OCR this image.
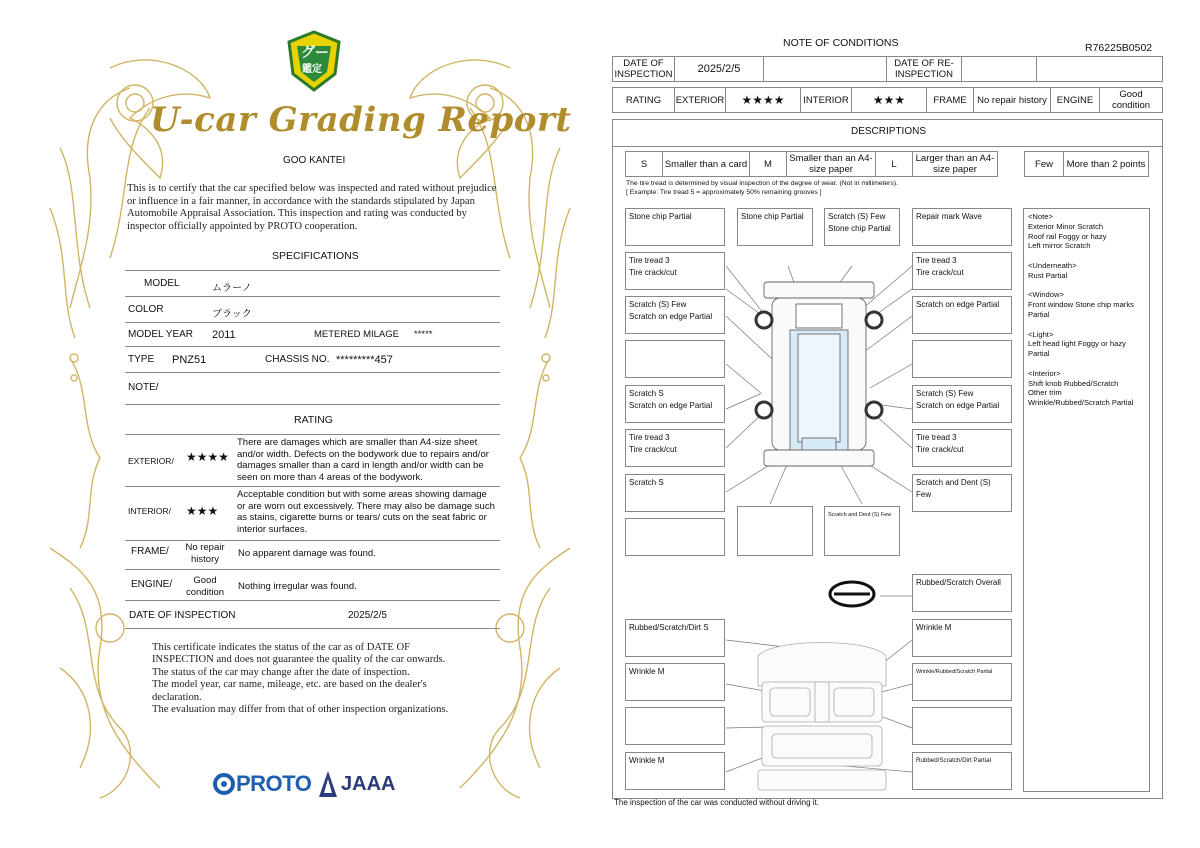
グー
鑑定
U-car Grading Report
GOO KANTEI
This is to certify that the car specified below was inspected and rated without prejudice or influence in a fair manner, in accordance with the standards stipulated by Japan Automobile Appraisal Association. This inspection and rating was conducted by inspector officially appointed by PROTO cooperation.
SPECIFICATIONS
MODEL	ムラーノ
COLOR	ブラック
MODEL YEAR 2011	METERED MILAGE *****
TYPE PNZ51	CHASSIS NO. *********457
NOTE/
RATING
EXTERIOR/ ★★★★
There are damages which are smaller than A4-size sheet and/or width. Defects on the bodywork due to repairs and/or damages smaller than a card in length and/or width can be seen on more than 4 areas of the bodywork.
INTERIOR/ ★★★
Acceptable condition but with some areas showing damage or are worn out excessively. There may also be damage such as stains, cigarette burns or tears/ cuts on the seat fabric or interior surfaces.
FRAME/	No repair history	No apparent damage was found.
ENGINE/	Good condition	Nothing irregular was found.
DATE OF INSPECTION	2025/2/5
This certificate indicates the status of the car as of DATE OF INSPECTION and does not guarantee the quality of the car onwards.
The status of the car may change after the date of inspection.
The model year, car name, mileage, etc. are based on the dealer's declaration.
The evaluation may differ from that of other inspection organizations.
PROTO JAAA
NOTE OF CONDITIONS	R76225B0502
DATE OF INSPECTION	2025/2/5	DATE OF RE-INSPECTION
RATING	EXTERIOR	★★★★	INTERIOR	★★★	FRAME	No repair history	ENGINE	Good condition
DESCRIPTIONS
S	Smaller than a card	M	Smaller than an A4-size paper	L	Larger than an A4-size paper	Few	More than 2 points
The tire tread is determined by visual inspection of the degree of wear. (Not in millimeters).
[ Example: Tire tread 5 = approximately 50% remaining grooves ]
Stone chip Partial	Stone chip Partial	Scratch (S) Few
Stone chip Partial
Repair mark Wave
Tire tread 3
Tire crack/cut
Tire tread 3
Tire crack/cut
Scratch (S) Few
Scratch on edge Partial
Scratch on edge Partial
Scratch S
Scratch on edge Partial
Scratch (S) Few
Scratch on edge Partial
Tire tread 3
Tire crack/cut
Tire tread 3
Tire crack/cut
Scratch S	Scratch and Dent (S) Few
Scratch and Dent (S) Few
Rubbed/Scratch Overall
Rubbed/Scratch/Dirt S	Wrinkle M
Wrinkle M	Wrinkle/Rubbed/Scratch Partial
Wrinkle M	Rubbed/Scratch/Dirt Partial
<Note>
Exterior Minor Scratch
Roof rail Foggy or hazy
Left mirror Scratch

<Underneath>
Rust Partial

<Window>
Front window Stone chip marks Partial

<Light>
Left head light Foggy or hazy Partial

<Interior>
Shift knob Rubbed/Scratch
Other trim
Wrinkle/Rubbed/Scratch Partial
The inspection of the car was conducted without driving it.
